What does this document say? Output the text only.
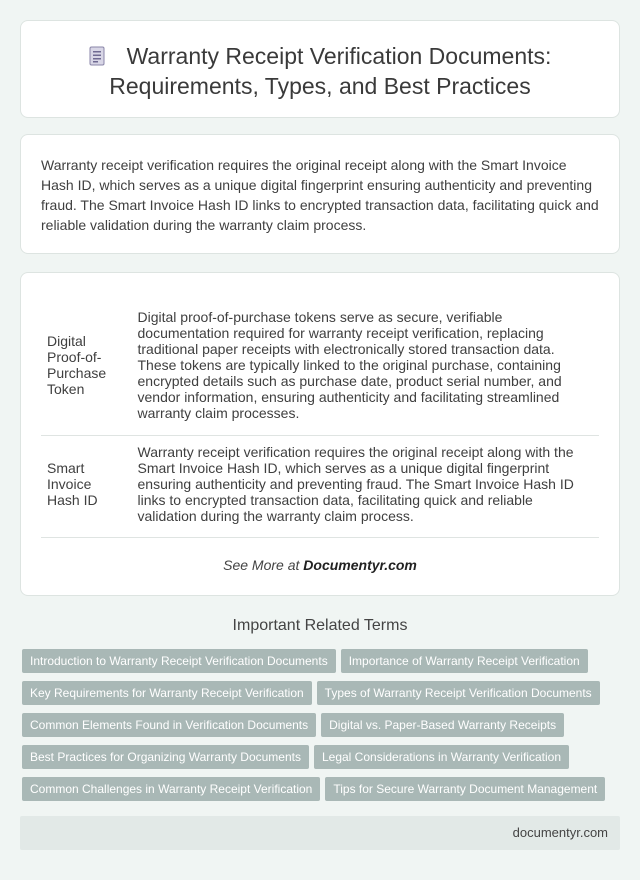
Warranty Receipt Verification Documents: Requirements, Types, and Best Practices

Warranty receipt verification requires the original receipt along with the Smart Invoice Hash ID, which serves as a unique digital fingerprint ensuring authenticity and preventing fraud. The Smart Invoice Hash ID links to encrypted transaction data, facilitating quick and reliable validation during the warranty claim process.

Digital Proof-of-Purchase Token	Digital proof-of-purchase tokens serve as secure, verifiable documentation required for warranty receipt verification, replacing traditional paper receipts with electronically stored transaction data. These tokens are typically linked to the original purchase, containing encrypted details such as purchase date, product serial number, and vendor information, ensuring authenticity and facilitating streamlined warranty claim processes.
Smart Invoice Hash ID	Warranty receipt verification requires the original receipt along with the Smart Invoice Hash ID, which serves as a unique digital fingerprint ensuring authenticity and preventing fraud. The Smart Invoice Hash ID links to encrypted transaction data, facilitating quick and reliable validation during the warranty claim process.
See More at Documentyr.com
Important Related Terms
Introduction to Warranty Receipt Verification Documents Importance of Warranty Receipt Verification
Key Requirements for Warranty Receipt Verification Types of Warranty Receipt Verification Documents
Common Elements Found in Verification Documents Digital vs. Paper-Based Warranty Receipts
Best Practices for Organizing Warranty Documents Legal Considerations in Warranty Verification
Common Challenges in Warranty Receipt Verification Tips for Secure Warranty Document Management
documentyr.com
